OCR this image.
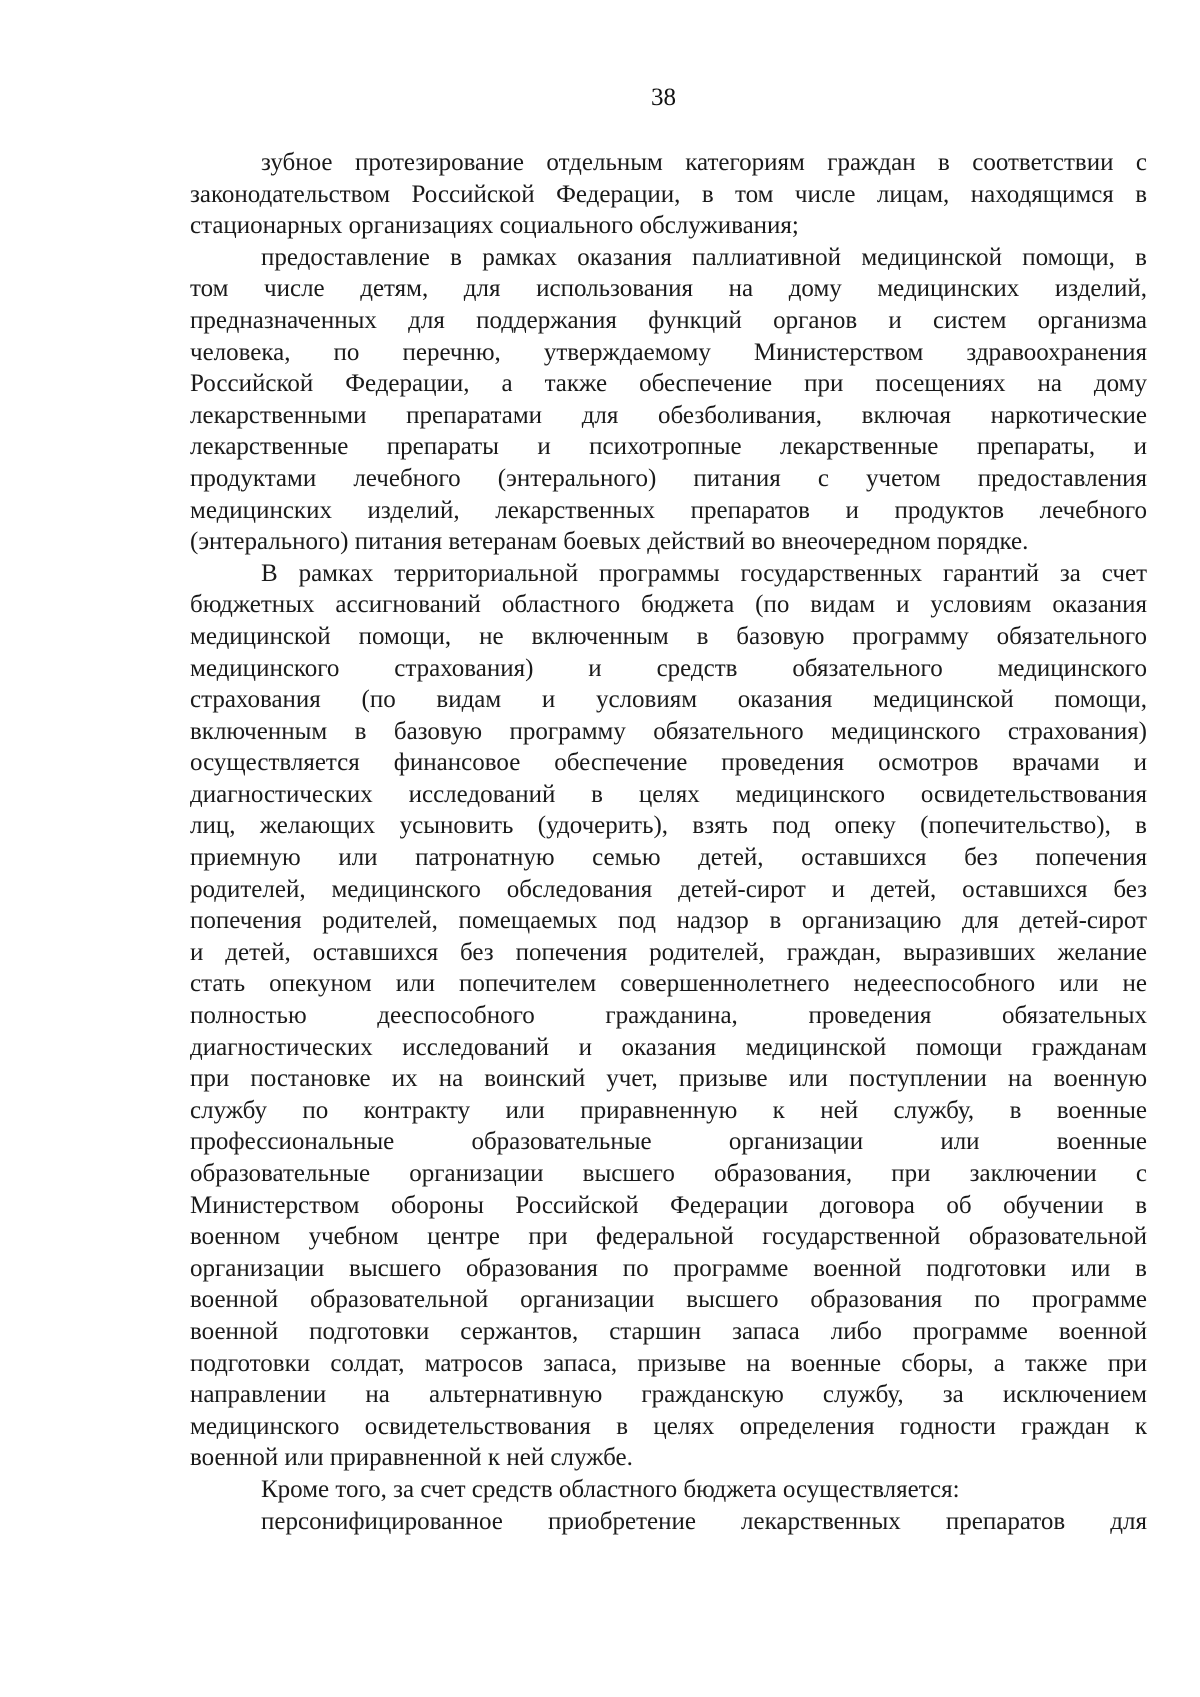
38
зубное протезирование отдельным категориям граждан в соответствии с
законодательством Российской Федерации, в том числе лицам, находящимся в
стационарных организациях социального обслуживания;
предоставление в рамках оказания паллиативной медицинской помощи, в
том числе детям, для использования на дому медицинских изделий,
предназначенных для поддержания функций органов и систем организма
человека, по перечню, утверждаемому Министерством здравоохранения
Российской Федерации, а также обеспечение при посещениях на дому
лекарственными препаратами для обезболивания, включая наркотические
лекарственные препараты и психотропные лекарственные препараты, и
продуктами лечебного (энтерального) питания с учетом предоставления
медицинских изделий, лекарственных препаратов и продуктов лечебного
(энтерального) питания ветеранам боевых действий во внеочередном порядке.
В рамках территориальной программы государственных гарантий за счет
бюджетных ассигнований областного бюджета (по видам и условиям оказания
медицинской помощи, не включенным в базовую программу обязательного
медицинского страхования) и средств обязательного медицинского
страхования (по видам и условиям оказания медицинской помощи,
включенным в базовую программу обязательного медицинского страхования)
осуществляется финансовое обеспечение проведения осмотров врачами и
диагностических исследований в целях медицинского освидетельствования
лиц, желающих усыновить (удочерить), взять под опеку (попечительство), в
приемную или патронатную семью детей, оставшихся без попечения
родителей, медицинского обследования детей-сирот и детей, оставшихся без
попечения родителей, помещаемых под надзор в организацию для детей-сирот
и детей, оставшихся без попечения родителей, граждан, выразивших желание
стать опекуном или попечителем совершеннолетнего недееспособного или не
полностью дееспособного гражданина, проведения обязательных
диагностических исследований и оказания медицинской помощи гражданам
при постановке их на воинский учет, призыве или поступлении на военную
службу по контракту или приравненную к ней службу, в военные
профессиональные образовательные организации или военные
образовательные организации высшего образования, при заключении с
Министерством обороны Российской Федерации договора об обучении в
военном учебном центре при федеральной государственной образовательной
организации высшего образования по программе военной подготовки или в
военной образовательной организации высшего образования по программе
военной подготовки сержантов, старшин запаса либо программе военной
подготовки солдат, матросов запаса, призыве на военные сборы, а также при
направлении на альтернативную гражданскую службу, за исключением
медицинского освидетельствования в целях определения годности граждан к
военной или приравненной к ней службе.
Кроме того, за счет средств областного бюджета осуществляется:
персонифицированное приобретение лекарственных препаратов для
